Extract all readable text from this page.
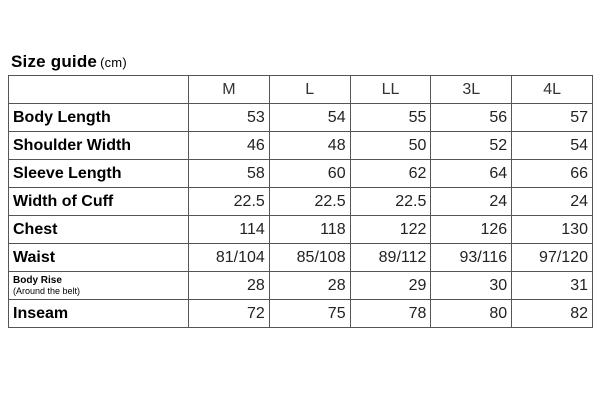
Size guide (cm)
	M	L	LL	3L	4L
Body Length	53	54	55	56	57
Shoulder Width	46	48	50	52	54
Sleeve Length	58	60	62	64	66
Width of Cuff	22.5	22.5	22.5	24	24
Chest	114	118	122	126	130
Waist	81/104	85/108	89/112	93/116	97/120

Body Rise
(Around the belt)	28	28	29	30	31
Inseam	72	75	78	80	82
